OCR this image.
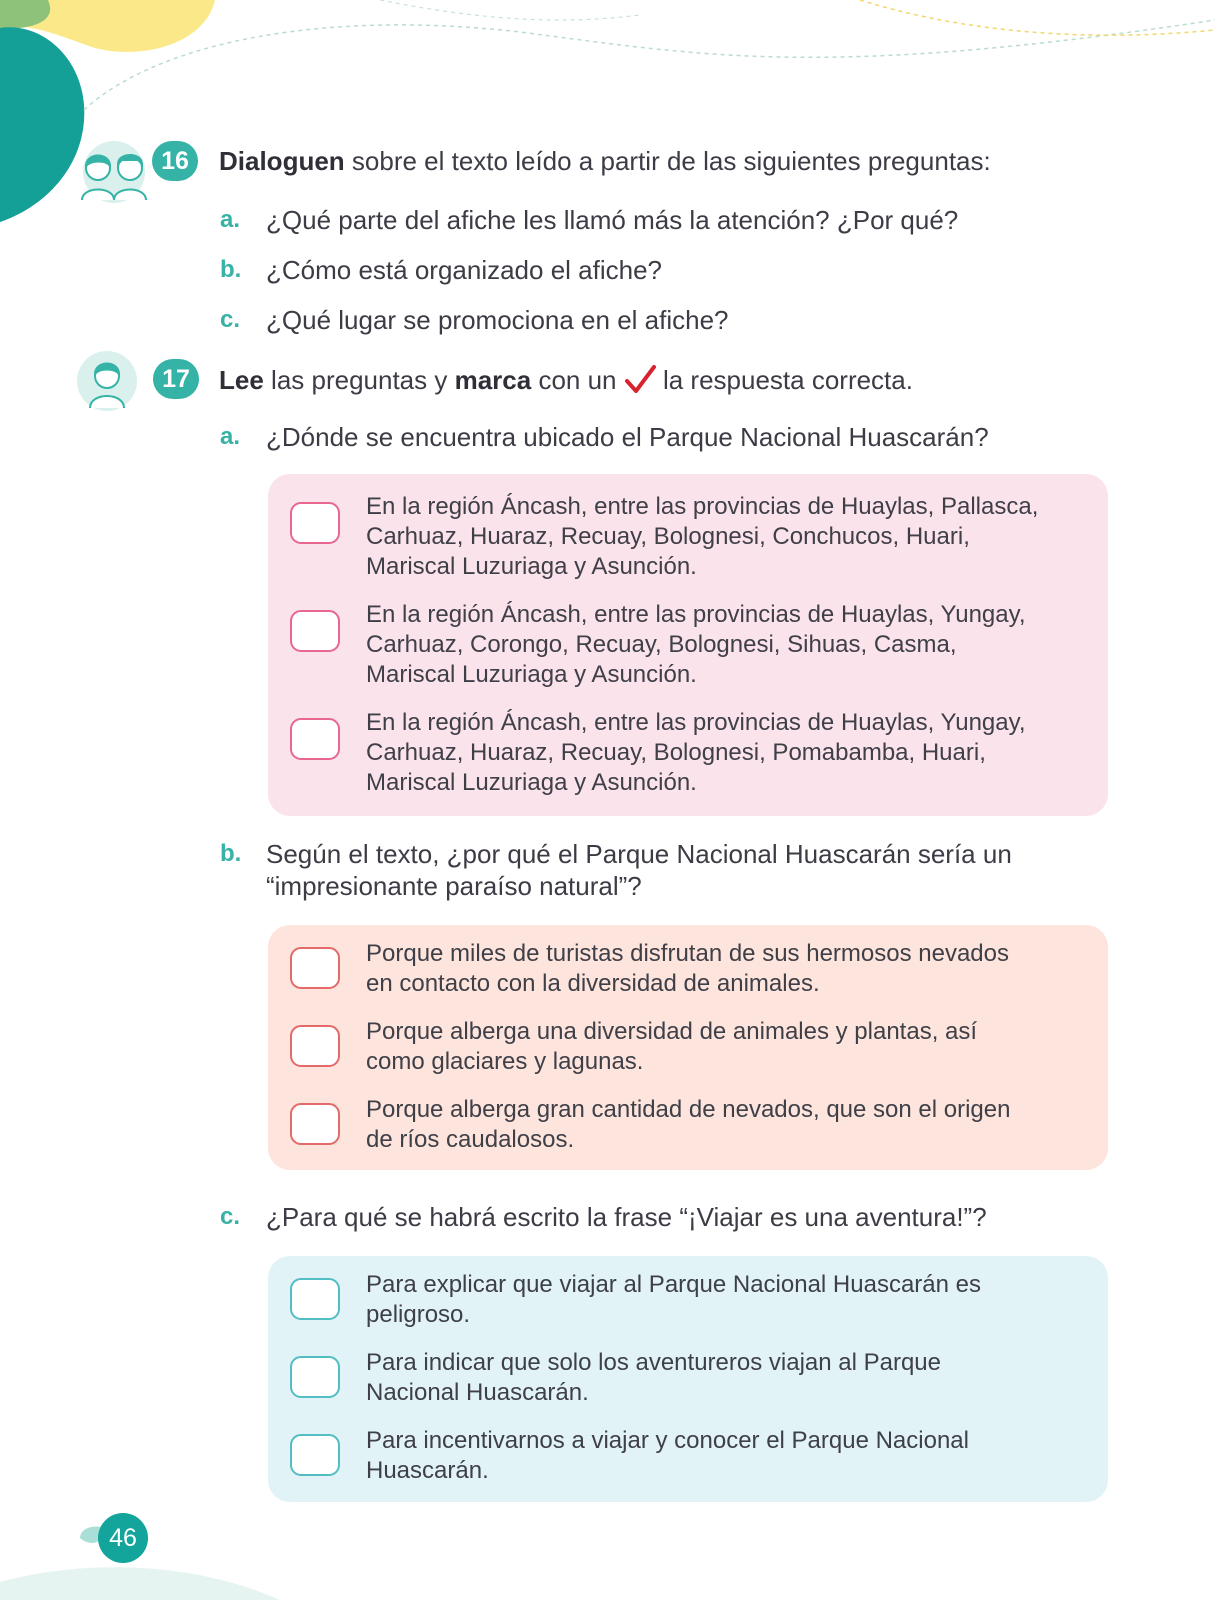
16	Dialoguen sobre el texto leído a partir de las siguientes preguntas:

a. ¿Qué parte del afiche les llamó más la atención? ¿Por qué?
b. ¿Cómo está organizado el afiche?
c. ¿Qué lugar se promociona en el afiche?
17	Lee las preguntas y marca con un  la respuesta correcta.

a. ¿Dónde se encuentra ubicado el Parque Nacional Huascarán?
En la región Áncash, entre las provincias de Huaylas, Pallasca,
Carhuaz, Huaraz, Recuay, Bolognesi, Conchucos, Huari,
Mariscal Luzuriaga y Asunción.
En la región Áncash, entre las provincias de Huaylas, Yungay,
Carhuaz, Corongo, Recuay, Bolognesi, Sihuas, Casma,
Mariscal Luzuriaga y Asunción.
En la región Áncash, entre las provincias de Huaylas, Yungay,
Carhuaz, Huaraz, Recuay, Bolognesi, Pomabamba, Huari,
Mariscal Luzuriaga y Asunción.
b. Según el texto, ¿por qué el Parque Nacional Huascarán sería un
“impresionante paraíso natural”?
Porque miles de turistas disfrutan de sus hermosos nevados
en contacto con la diversidad de animales.
Porque alberga una diversidad de animales y plantas, así
como glaciares y lagunas.
Porque alberga gran cantidad de nevados, que son el origen
de ríos caudalosos.
c. ¿Para qué se habrá escrito la frase “¡Viajar es una aventura!”?
Para explicar que viajar al Parque Nacional Huascarán es
peligroso.
Para indicar que solo los aventureros viajan al Parque
Nacional Huascarán.
Para incentivarnos a viajar y conocer el Parque Nacional
Huascarán.
46
